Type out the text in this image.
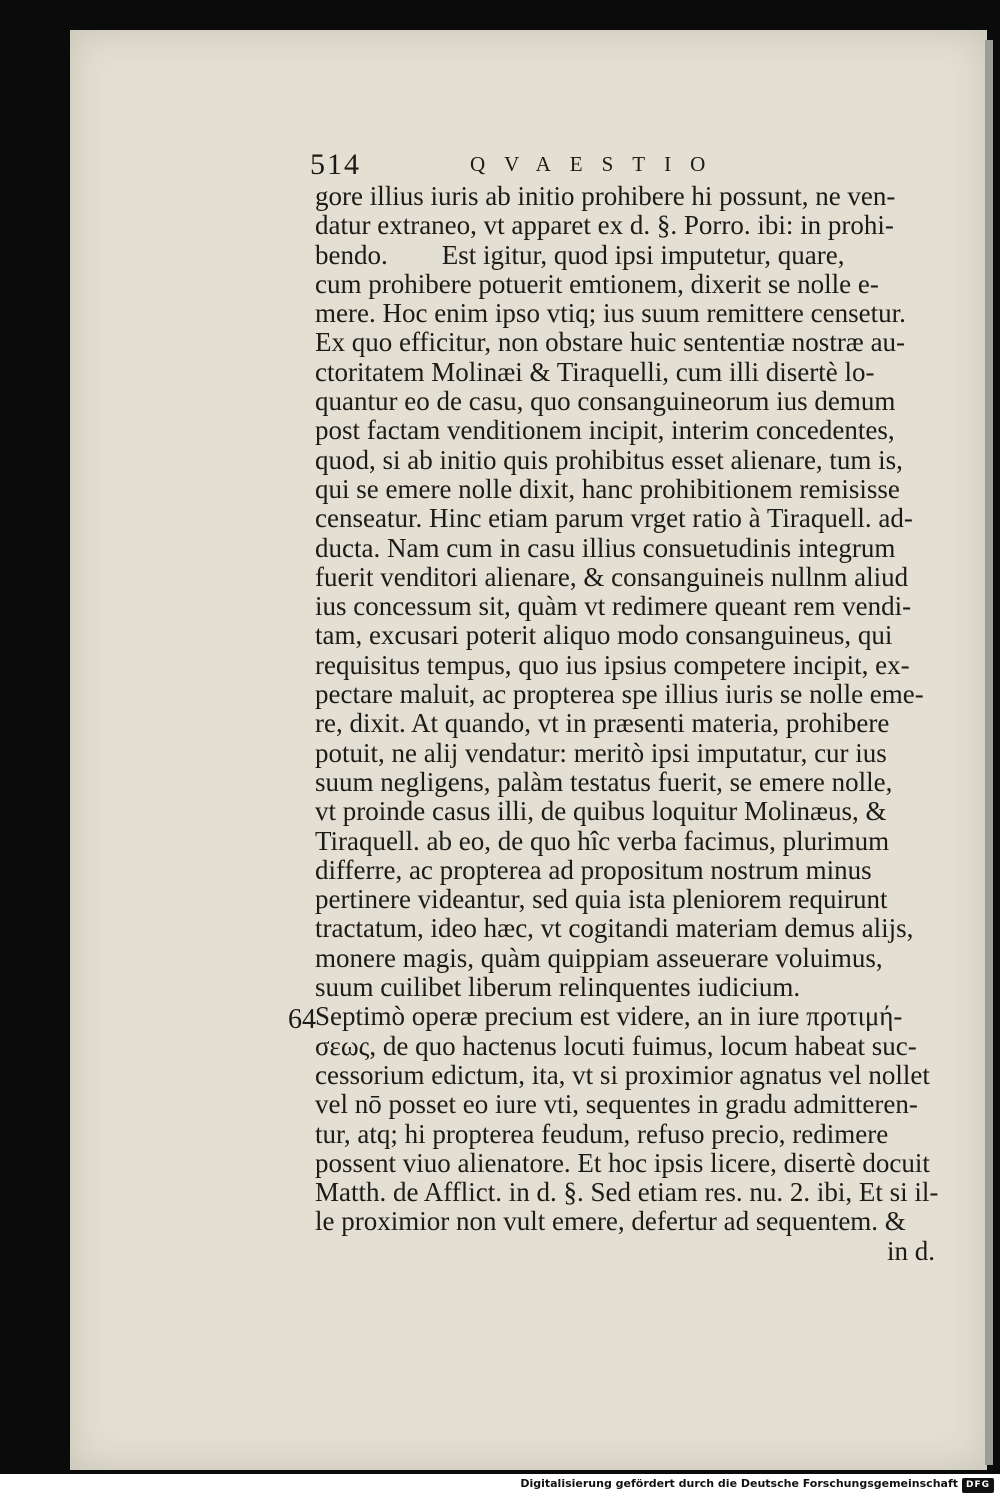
514	QVAESTIO
64
gore illius iuris ab initio prohibere hi possunt, ne ven-
datur extraneo, vt apparet ex d. §. Porro. ibi: in prohi-
bendo.        Est igitur, quod ipsi imputetur, quare,
cum prohibere potuerit emtionem, dixerit se nolle e-
mere. Hoc enim ipso vtiq; ius suum remittere censetur.
Ex quo efficitur, non obstare huic sententiæ nostræ au-
ctoritatem Molinæi & Tiraquelli, cum illi disertè lo-
quantur eo de casu, quo consanguineorum ius demum
post factam venditionem incipit, interim concedentes,
quod, si ab initio quis prohibitus esset alienare, tum is,
qui se emere nolle dixit, hanc prohibitionem remisisse
censeatur. Hinc etiam parum vrget ratio à Tiraquell. ad-
ducta. Nam cum in casu illius consuetudinis integrum
fuerit venditori alienare, & consanguineis nullnm aliud
ius concessum sit, quàm vt redimere queant rem vendi-
tam, excusari poterit aliquo modo consanguineus, qui
requisitus tempus, quo ius ipsius competere incipit, ex-
pectare maluit, ac propterea spe illius iuris se nolle eme-
re, dixit. At quando, vt in præsenti materia, prohibere
potuit, ne alij vendatur: meritò ipsi imputatur, cur ius
suum negligens, palàm testatus fuerit, se emere nolle,
vt proinde casus illi, de quibus loquitur Molinæus, &
Tiraquell. ab eo, de quo hîc verba facimus, plurimum
differre, ac propterea ad propositum nostrum minus
pertinere videantur, sed quia ista pleniorem requirunt
tractatum, ideo hæc, vt cogitandi materiam demus alijs,
monere magis, quàm quippiam asseuerare voluimus,
suum cuilibet liberum relinquentes iudicium.
Septimò operæ precium est videre, an in iure προτιμή-
σεως, de quo hactenus locuti fuimus, locum habeat suc-
cessorium edictum, ita, vt si proximior agnatus vel nollet
vel nō posset eo iure vti, sequentes in gradu admitteren-
tur, atq; hi propterea feudum, refuso precio, redimere
possent viuo alienatore. Et hoc ipsis licere, disertè docuit
Matth. de Afflict. in d. §. Sed etiam res. nu. 2. ibi, Et si il-
le proximior non vult emere, defertur ad sequentem. &
in d.
Digitalisierung gefördert durch die Deutsche Forschungsgemeinschaft DFG
